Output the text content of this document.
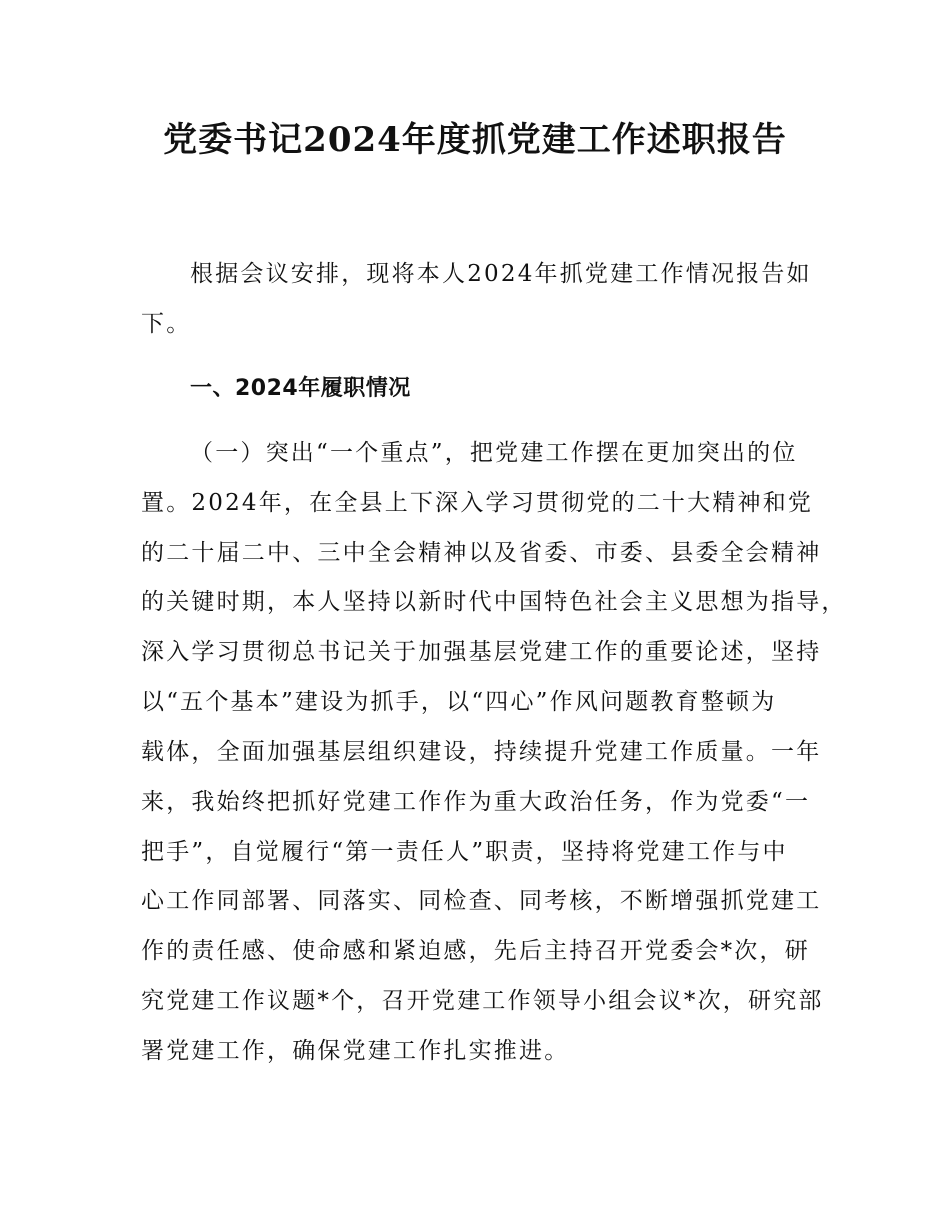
党委书记2024年度抓党建工作述职报告
根据会议安排，现将本人2024年抓党建工作情况报告如
下。
一、2024年履职情况
（一）突出“一个重点”，把党建工作摆在更加突出的位
置。2024年，在全县上下深入学习贯彻党的二十大精神和党
的二十届二中、三中全会精神以及省委、市委、县委全会精神
的关键时期，本人坚持以新时代中国特色社会主义思想为指导，
深入学习贯彻总书记关于加强基层党建工作的重要论述，坚持
以“五个基本”建设为抓手，以“四心”作风问题教育整顿为
载体，全面加强基层组织建设，持续提升党建工作质量。一年
来，我始终把抓好党建工作作为重大政治任务，作为党委“一
把手”，自觉履行“第一责任人”职责，坚持将党建工作与中
心工作同部署、同落实、同检查、同考核，不断增强抓党建工
作的责任感、使命感和紧迫感，先后主持召开党委会*次，研
究党建工作议题*个，召开党建工作领导小组会议*次，研究部
署党建工作，确保党建工作扎实推进。
